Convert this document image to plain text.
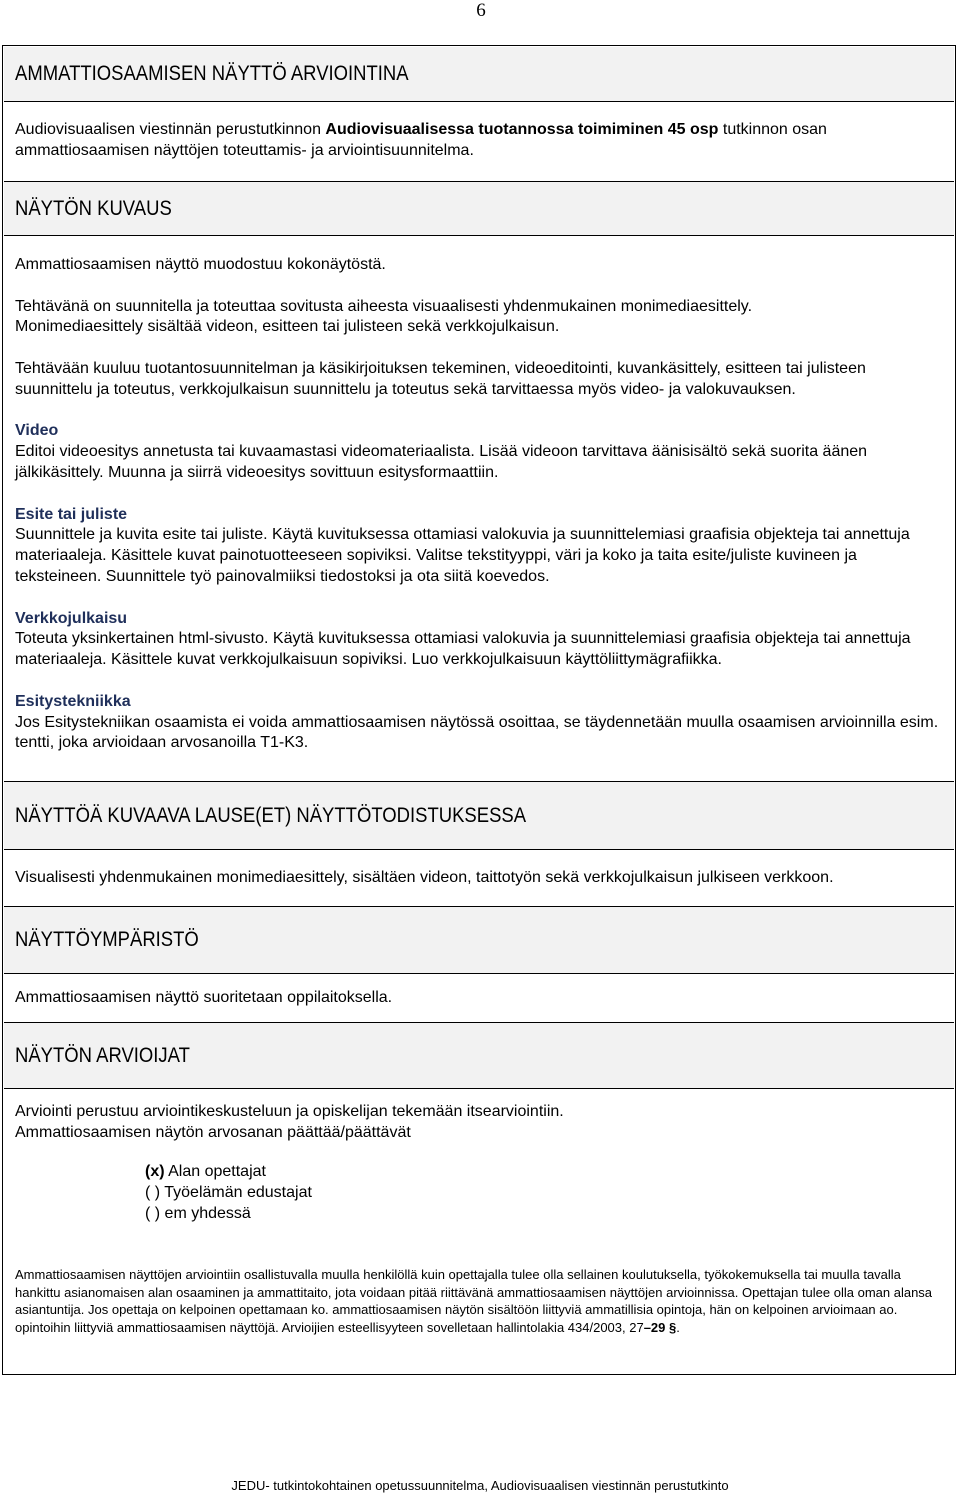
6
AMMATTIOSAAMISEN NÄYTTÖ ARVIOINTINA

Audiovisuaalisen viestinnän perustutkinnon Audiovisuaalisessa tuotannossa toimiminen 45 osp tutkinnon osan ammattiosaamisen näyttöjen toteuttamis- ja arviointisuunnitelma.

NÄYTÖN KUVAUS

Ammattiosaamisen näyttö muodostuu kokonäytöstä.

Tehtävänä on suunnitella ja toteuttaa sovitusta aiheesta visuaalisesti yhdenmukainen monimediaesittely.

Monimediaesittely sisältää videon, esitteen tai julisteen sekä verkkojulkaisun.

Tehtävään kuuluu tuotantosuunnitelman ja käsikirjoituksen tekeminen, videoeditointi, kuvankäsittely, esitteen tai julisteen suunnittelu ja toteutus, verkkojulkaisun suunnittelu ja toteutus sekä tarvittaessa myös video- ja valokuvauksen.

Video

Editoi videoesitys annetusta tai kuvaamastasi videomateriaalista. Lisää videoon tarvittava äänisisältö sekä suorita äänen jälkikäsittely. Muunna ja siirrä videoesitys sovittuun esitysformaattiin.

Esite tai juliste

Suunnittele ja kuvita esite tai juliste. Käytä kuvituksessa ottamiasi valokuvia ja suunnittelemiasi graafisia objekteja tai annettuja materiaaleja. Käsittele kuvat painotuotteeseen sopiviksi. Valitse tekstityyppi, väri ja koko ja taita esite/juliste kuvineen ja teksteineen. Suunnittele työ painovalmiiksi tiedostoksi ja ota siitä koevedos.

Verkkojulkaisu

Toteuta yksinkertainen html-sivusto. Käytä kuvituksessa ottamiasi valokuvia ja suunnittelemiasi graafisia objekteja tai annettuja materiaaleja. Käsittele kuvat verkkojulkaisuun sopiviksi. Luo verkkojulkaisuun käyttöliittymägrafiikka.

Esitystekniikka

Jos Esitystekniikan osaamista ei voida ammattiosaamisen näytössä osoittaa, se täydennetään muulla osaamisen arvioinnilla esim. tentti, joka arvioidaan arvosanoilla T1-K3.

NÄYTTÖÄ KUVAAVA LAUSE(ET) NÄYTTÖTODISTUKSESSA

Visualisesti yhdenmukainen monimediaesittely, sisältäen videon, taittotyön sekä verkkojulkaisun julkiseen verkkoon.

NÄYTTÖYMPÄRISTÖ

Ammattiosaamisen näyttö suoritetaan oppilaitoksella.

NÄYTÖN ARVIOIJAT

Arviointi perustuu arviointikeskusteluun ja opiskelijan tekemään itsearviointiin.

Ammattiosaamisen näytön arvosanan päättää/päättävät

(x) Alan opettajat
( ) Työelämän edustajat
( ) em yhdessä
Ammattiosaamisen näyttöjen arviointiin osallistuvalla muulla henkilöllä kuin opettajalla tulee olla sellainen koulutuksella, työkokemuksella tai muulla tavalla hankittu asianomaisen alan osaaminen ja ammattitaito, jota voidaan pitää riittävänä ammattiosaamisen näyttöjen arvioinnissa. Opettajan tulee olla oman alansa asiantuntija. Jos opettaja on kelpoinen opettamaan ko. ammattiosaamisen näytön sisältöön liittyviä ammatillisia opintoja, hän on kelpoinen arvioimaan ao. opintoihin liittyviä ammattiosaamisen näyttöjä. Arvioijien esteellisyyteen sovelletaan hallintolakia 434/2003, 27–29 §.
JEDU- tutkintokohtainen opetussuunnitelma, Audiovisuaalisen viestinnän perustutkinto
